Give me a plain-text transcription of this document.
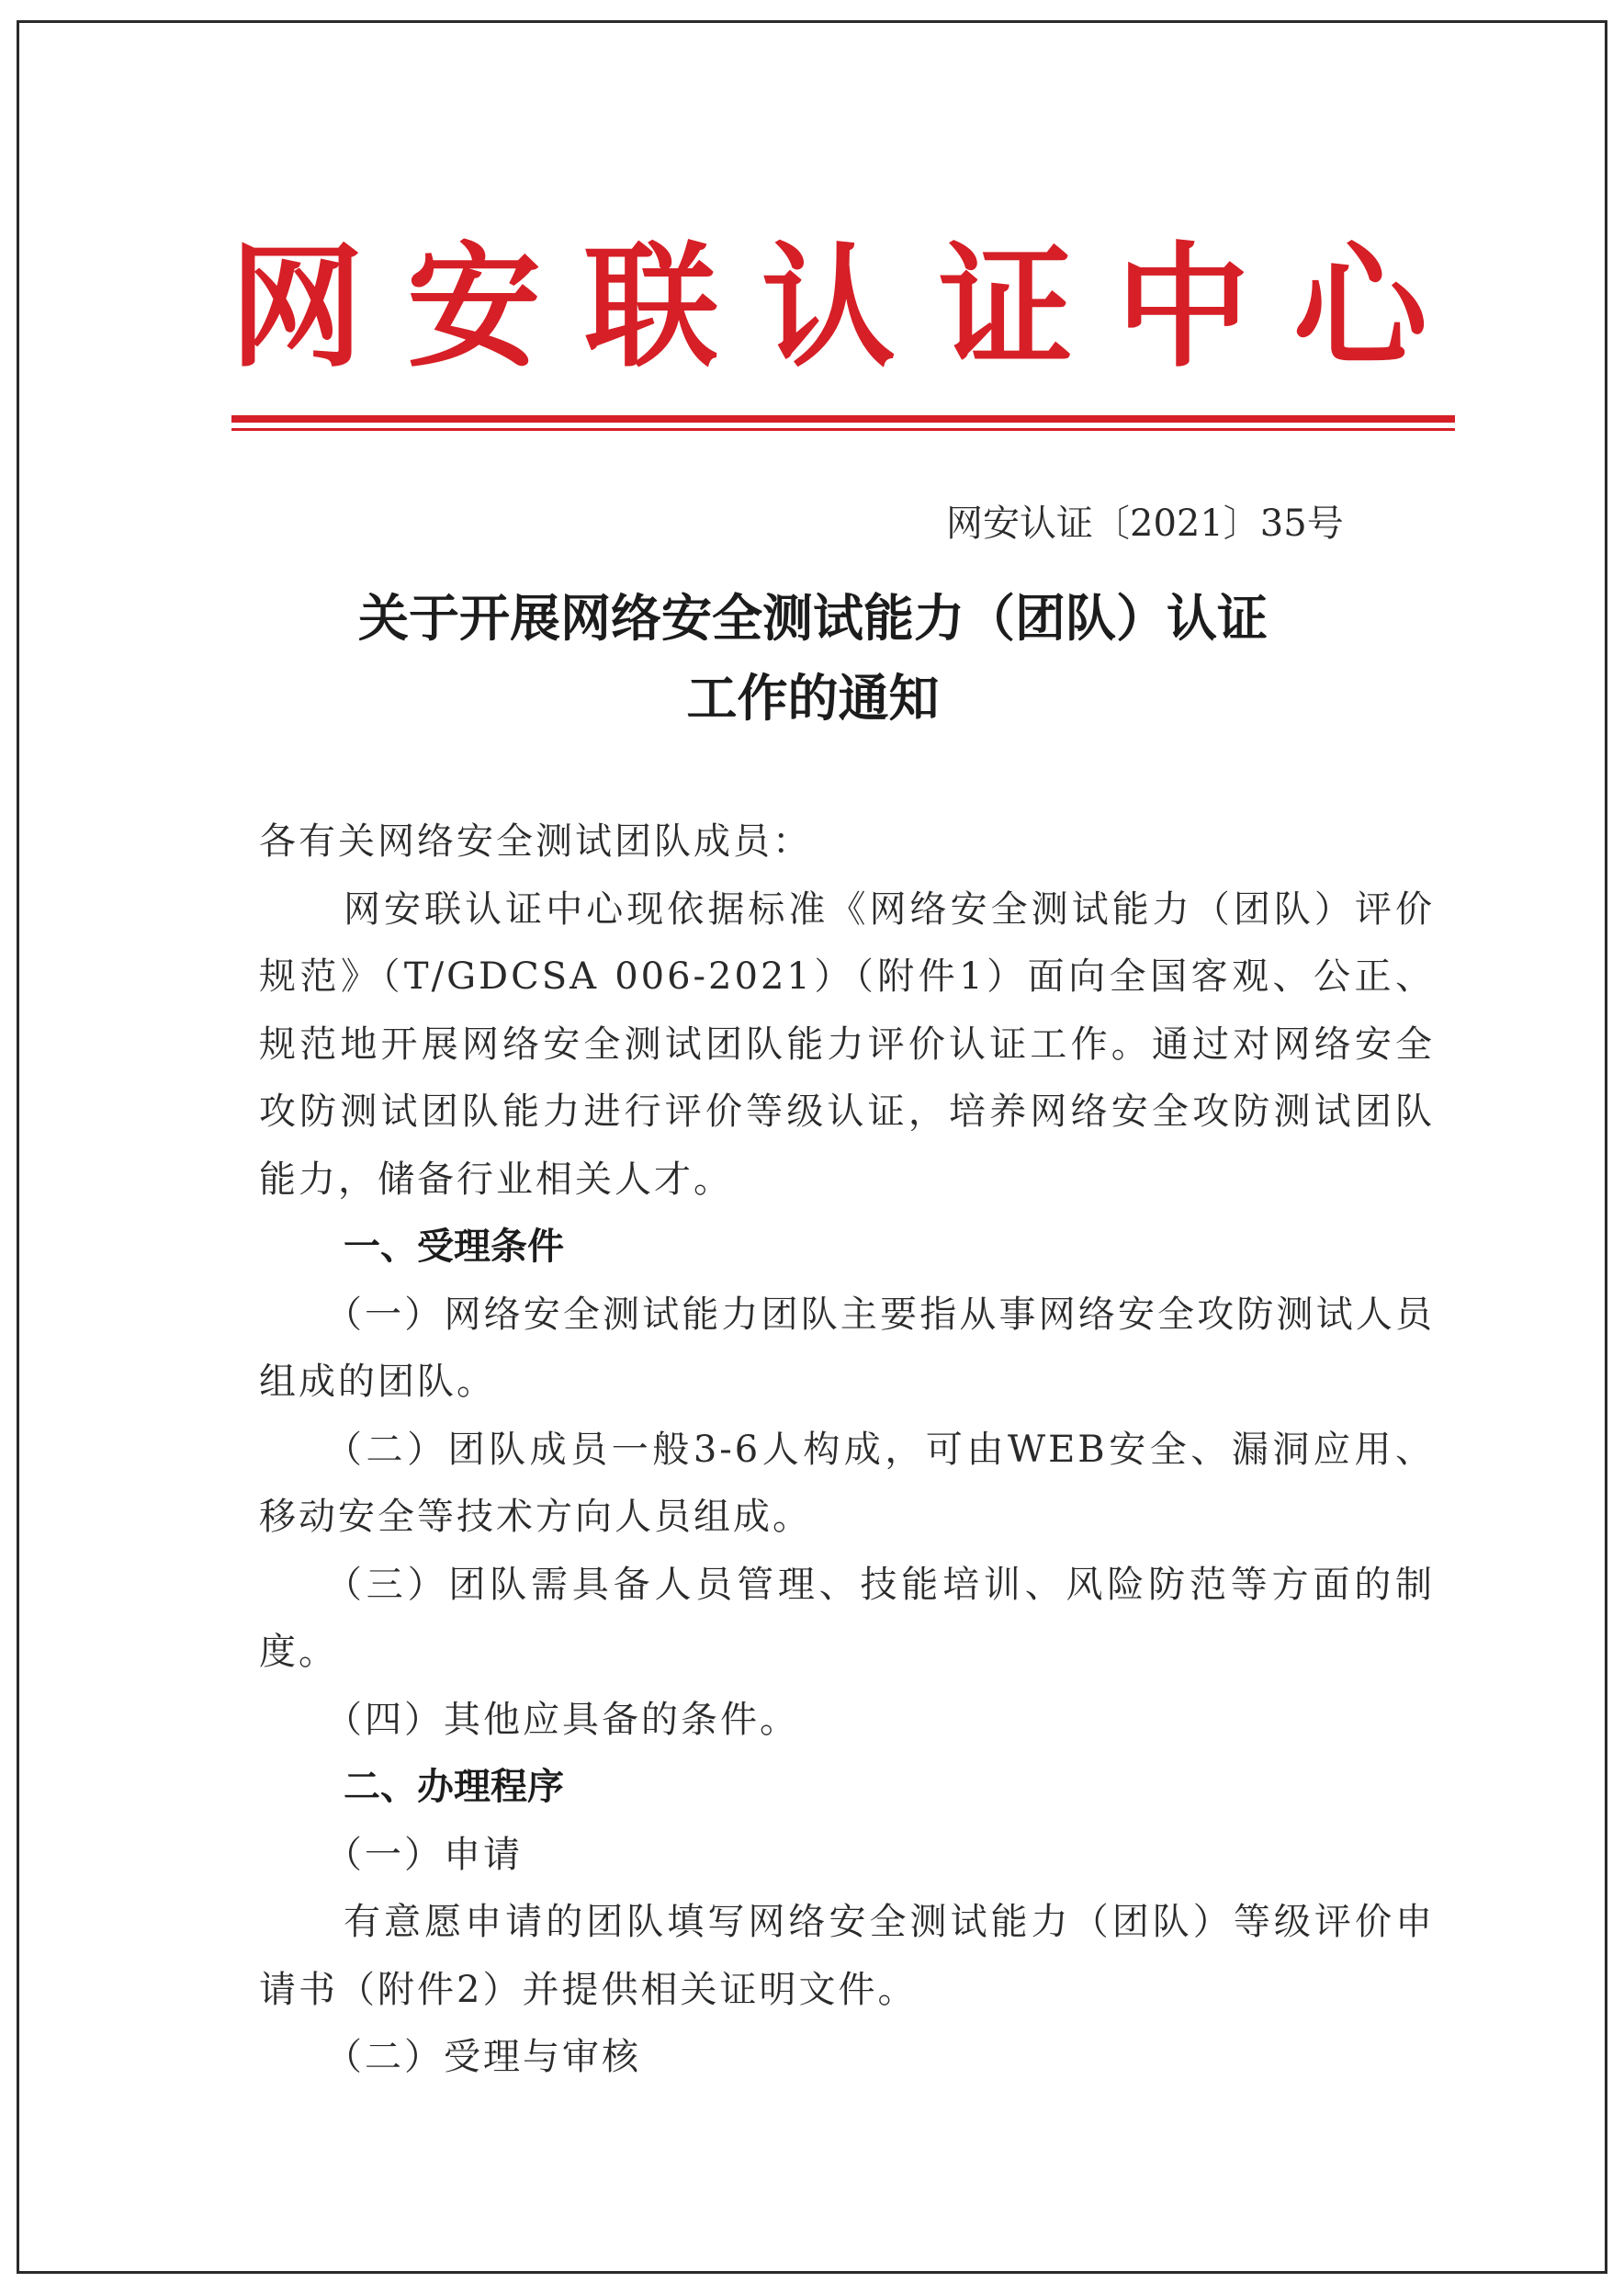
网安联认证中心
网安认证〔2021〕35号
关于开展网络安全测试能力（团队）认证
工作的通知

各有关网络安全测试团队成员：

网安联认证中心现依据标准《网络安全测试能力（团队）评价规范》（T/GDCSA 006-2021）（附件1）面向全国客观、公正、规范地开展网络安全测试团队能力评价认证工作。通过对网络安全攻防测试团队能力进行评价等级认证，培养网络安全攻防测试团队能力，储备行业相关人才。

一、受理条件

（一）网络安全测试能力团队主要指从事网络安全攻防测试人员组成的团队。

（二）团队成员一般3-6人构成，可由WEB安全、漏洞应用、移动安全等技术方向人员组成。

（三）团队需具备人员管理、技能培训、风险防范等方面的制度。

（四）其他应具备的条件。

二、办理程序

（一）申请

有意愿申请的团队填写网络安全测试能力（团队）等级评价申请书（附件2）并提供相关证明文件。

（二）受理与审核
